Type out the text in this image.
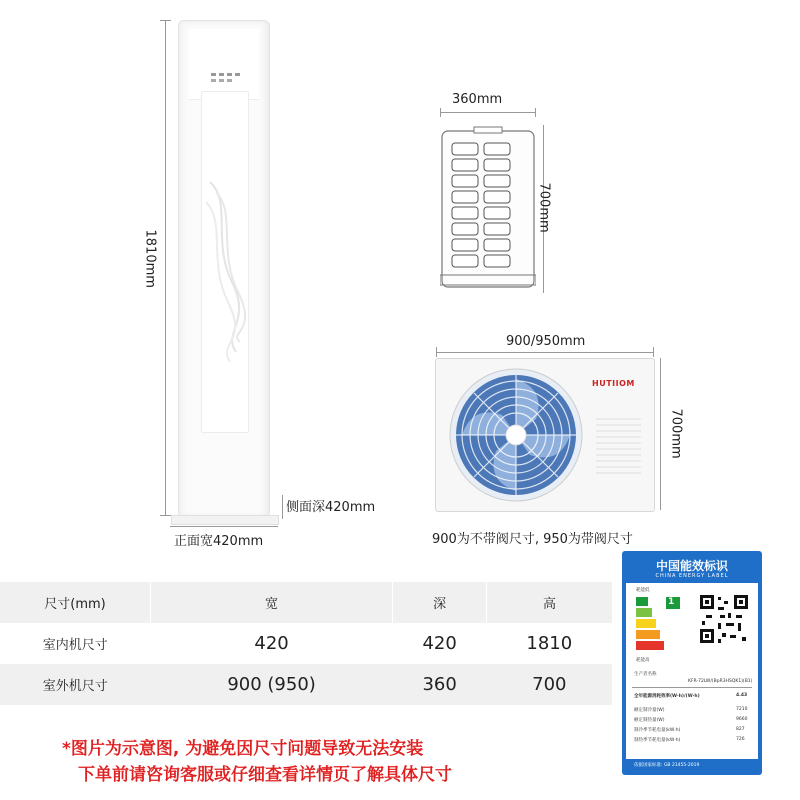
1810mm
正面宽420mm
侧面深420mm
360mm
700mm
900/950mm
HUTIIOM
700mm
900为不带阀尺寸, 950为带阀尺寸
尺寸(mm)	宽	深	高
室内机尺寸	420	420	1810
室外机尺寸	900 (950)	360	700
*图片为示意图, 为避免因尺寸问题导致无法安装
下单前请咨询客服或仔细查看详情页了解具体尺寸
中国能效标识
CHINA ENERGY LABEL
耗能低
1
耗能高
生产者名称
KFR-72LW/(BpR3HSQK1)(B1)
全年能源消耗效率(W·h)/(W·h)	4.43
额定制冷量(W)	7210
额定制热量(W)	9660
制冷季节耗电量(kW·h)	827
制热季节耗电量(kW·h)	726
依据国家标准: GB 21455-2019
